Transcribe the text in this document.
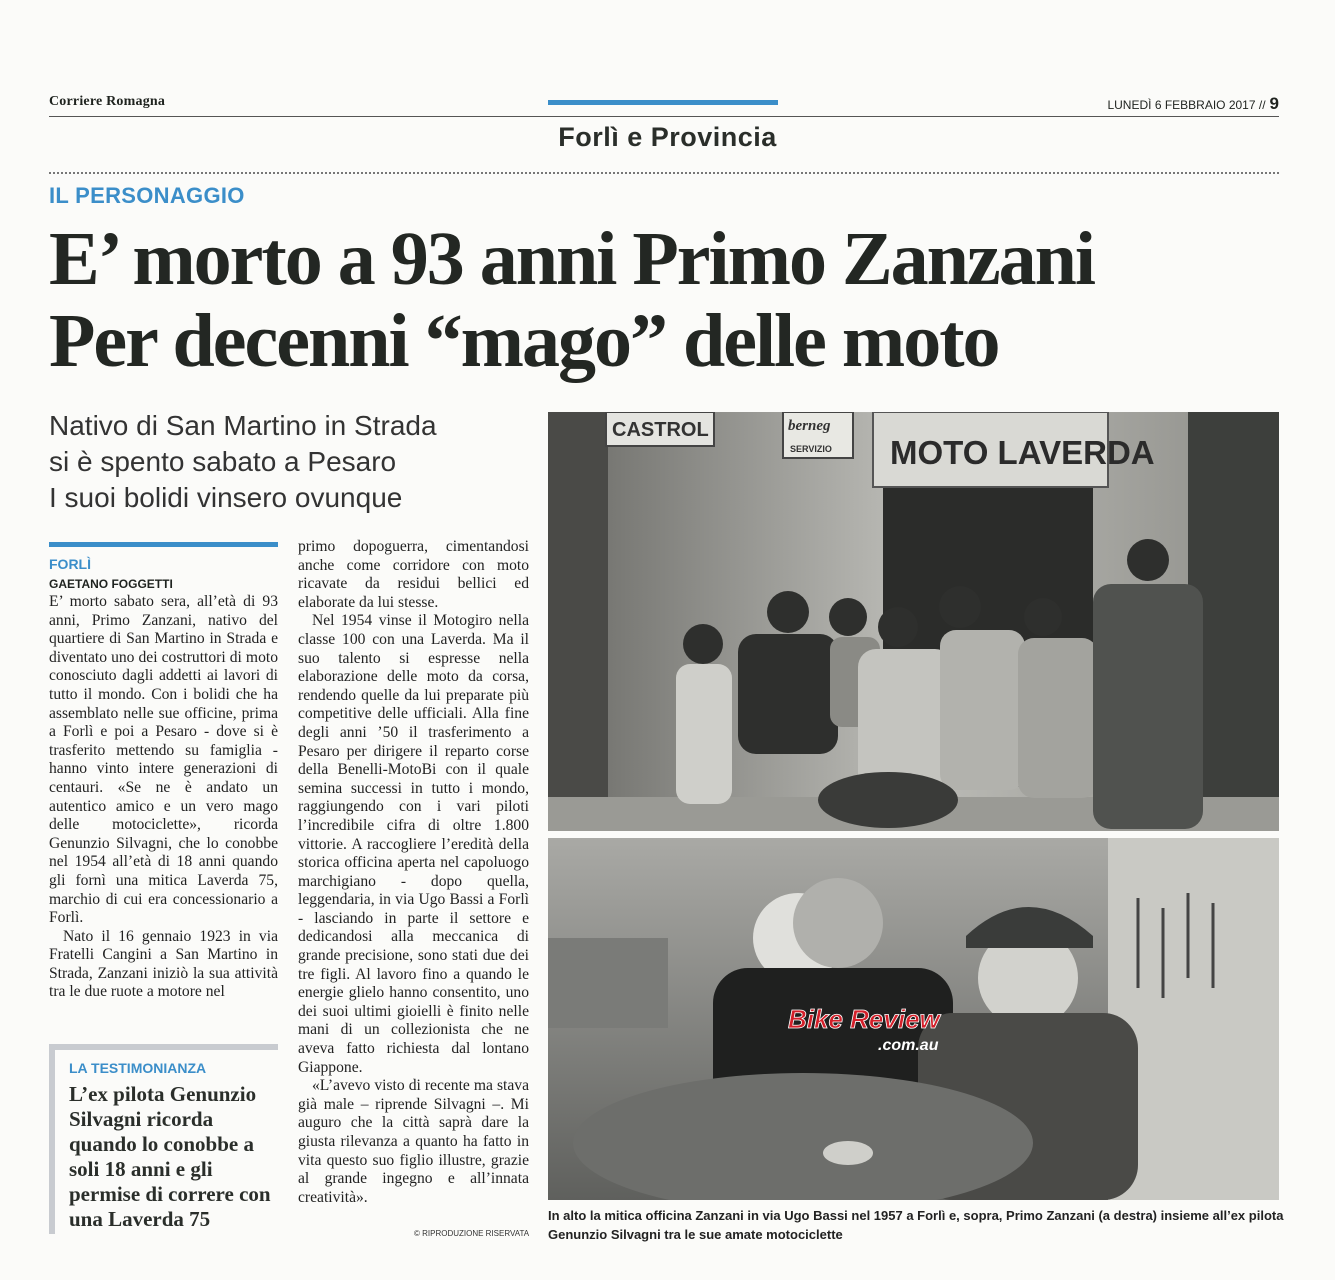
Corriere Romagna	LUNEDÌ 6 FEBBRAIO 2017 // 9
Forlì e Provincia
IL PERSONAGGIO
E’ morto a 93 anni Primo Zanzani
Per decenni “mago” delle moto
Nativo di San Martino in Strada
si è spento sabato a Pesaro
I suoi bolidi vinsero ovunque
FORLÌ
GAETANO FOGGETTI

E’ morto sabato sera, all’età di 93 anni, Primo Zanzani, nativo del quartiere di San Martino in Strada e diventato uno dei costruttori di moto conosciuto dagli addetti ai lavori di tutto il mondo. Con i bolidi che ha assemblato nelle sue officine, prima a Forlì e poi a Pesaro - dove si è trasferito mettendo su famiglia - hanno vinto intere generazioni di centauri. «Se ne è andato un autentico amico e un vero mago delle motociclette», ricorda Genunzio Silvagni, che lo conobbe nel 1954 all’età di 18 anni quando gli fornì una mitica Laverda 75, marchio di cui era concessionario a Forlì.

Nato il 16 gennaio 1923 in via Fratelli Cangini a San Martino in Strada, Zanzani iniziò la sua attività tra le due ruote a motore nel

primo dopoguerra, cimentandosi anche come corridore con moto ricavate da residui bellici ed elaborate da lui stesse.

Nel 1954 vinse il Motogiro nella classe 100 con una Laverda. Ma il suo talento si espresse nella elaborazione delle moto da corsa, rendendo quelle da lui preparate più competitive delle ufficiali. Alla fine degli anni ’50 il trasferimento a Pesaro per dirigere il reparto corse della Benelli-MotoBi con il quale semina successi in tutto i mondo, raggiungendo con i vari piloti l’incredibile cifra di oltre 1.800 vittorie. A raccogliere l’eredità della storica officina aperta nel capoluogo marchigiano - dopo quella, leggendaria, in via Ugo Bassi a Forlì - lasciando in parte il settore e dedicandosi alla meccanica di grande precisione, sono stati due dei tre figli. Al lavoro fino a quando le energie glielo hanno consentito, uno dei suoi ultimi gioielli è finito nelle mani di un collezionista che ne aveva fatto richiesta dal lontano Giappone.

«L’avevo visto di recente ma stava già male – riprende Silvagni –. Mi auguro che la città saprà dare la giusta rilevanza a quanto ha fatto in vita questo suo figlio illustre, grazie al grande ingegno e all’innata creatività».

© RIPRODUZIONE RISERVATA
LA TESTIMONIANZA
L’ex pilota Genunzio Silvagni ricorda quando lo conobbe a soli 18 anni e gli permise di correre con una Laverda 75
MOTO LAVERDA
CASTROL	berneg
SERVIZIO
Bike Review
.com.au
In alto la mitica officina Zanzani in via Ugo Bassi nel 1957 a Forlì e, sopra, Primo Zanzani (a destra) insieme all’ex pilota Genunzio Silvagni tra le sue amate motociclette
